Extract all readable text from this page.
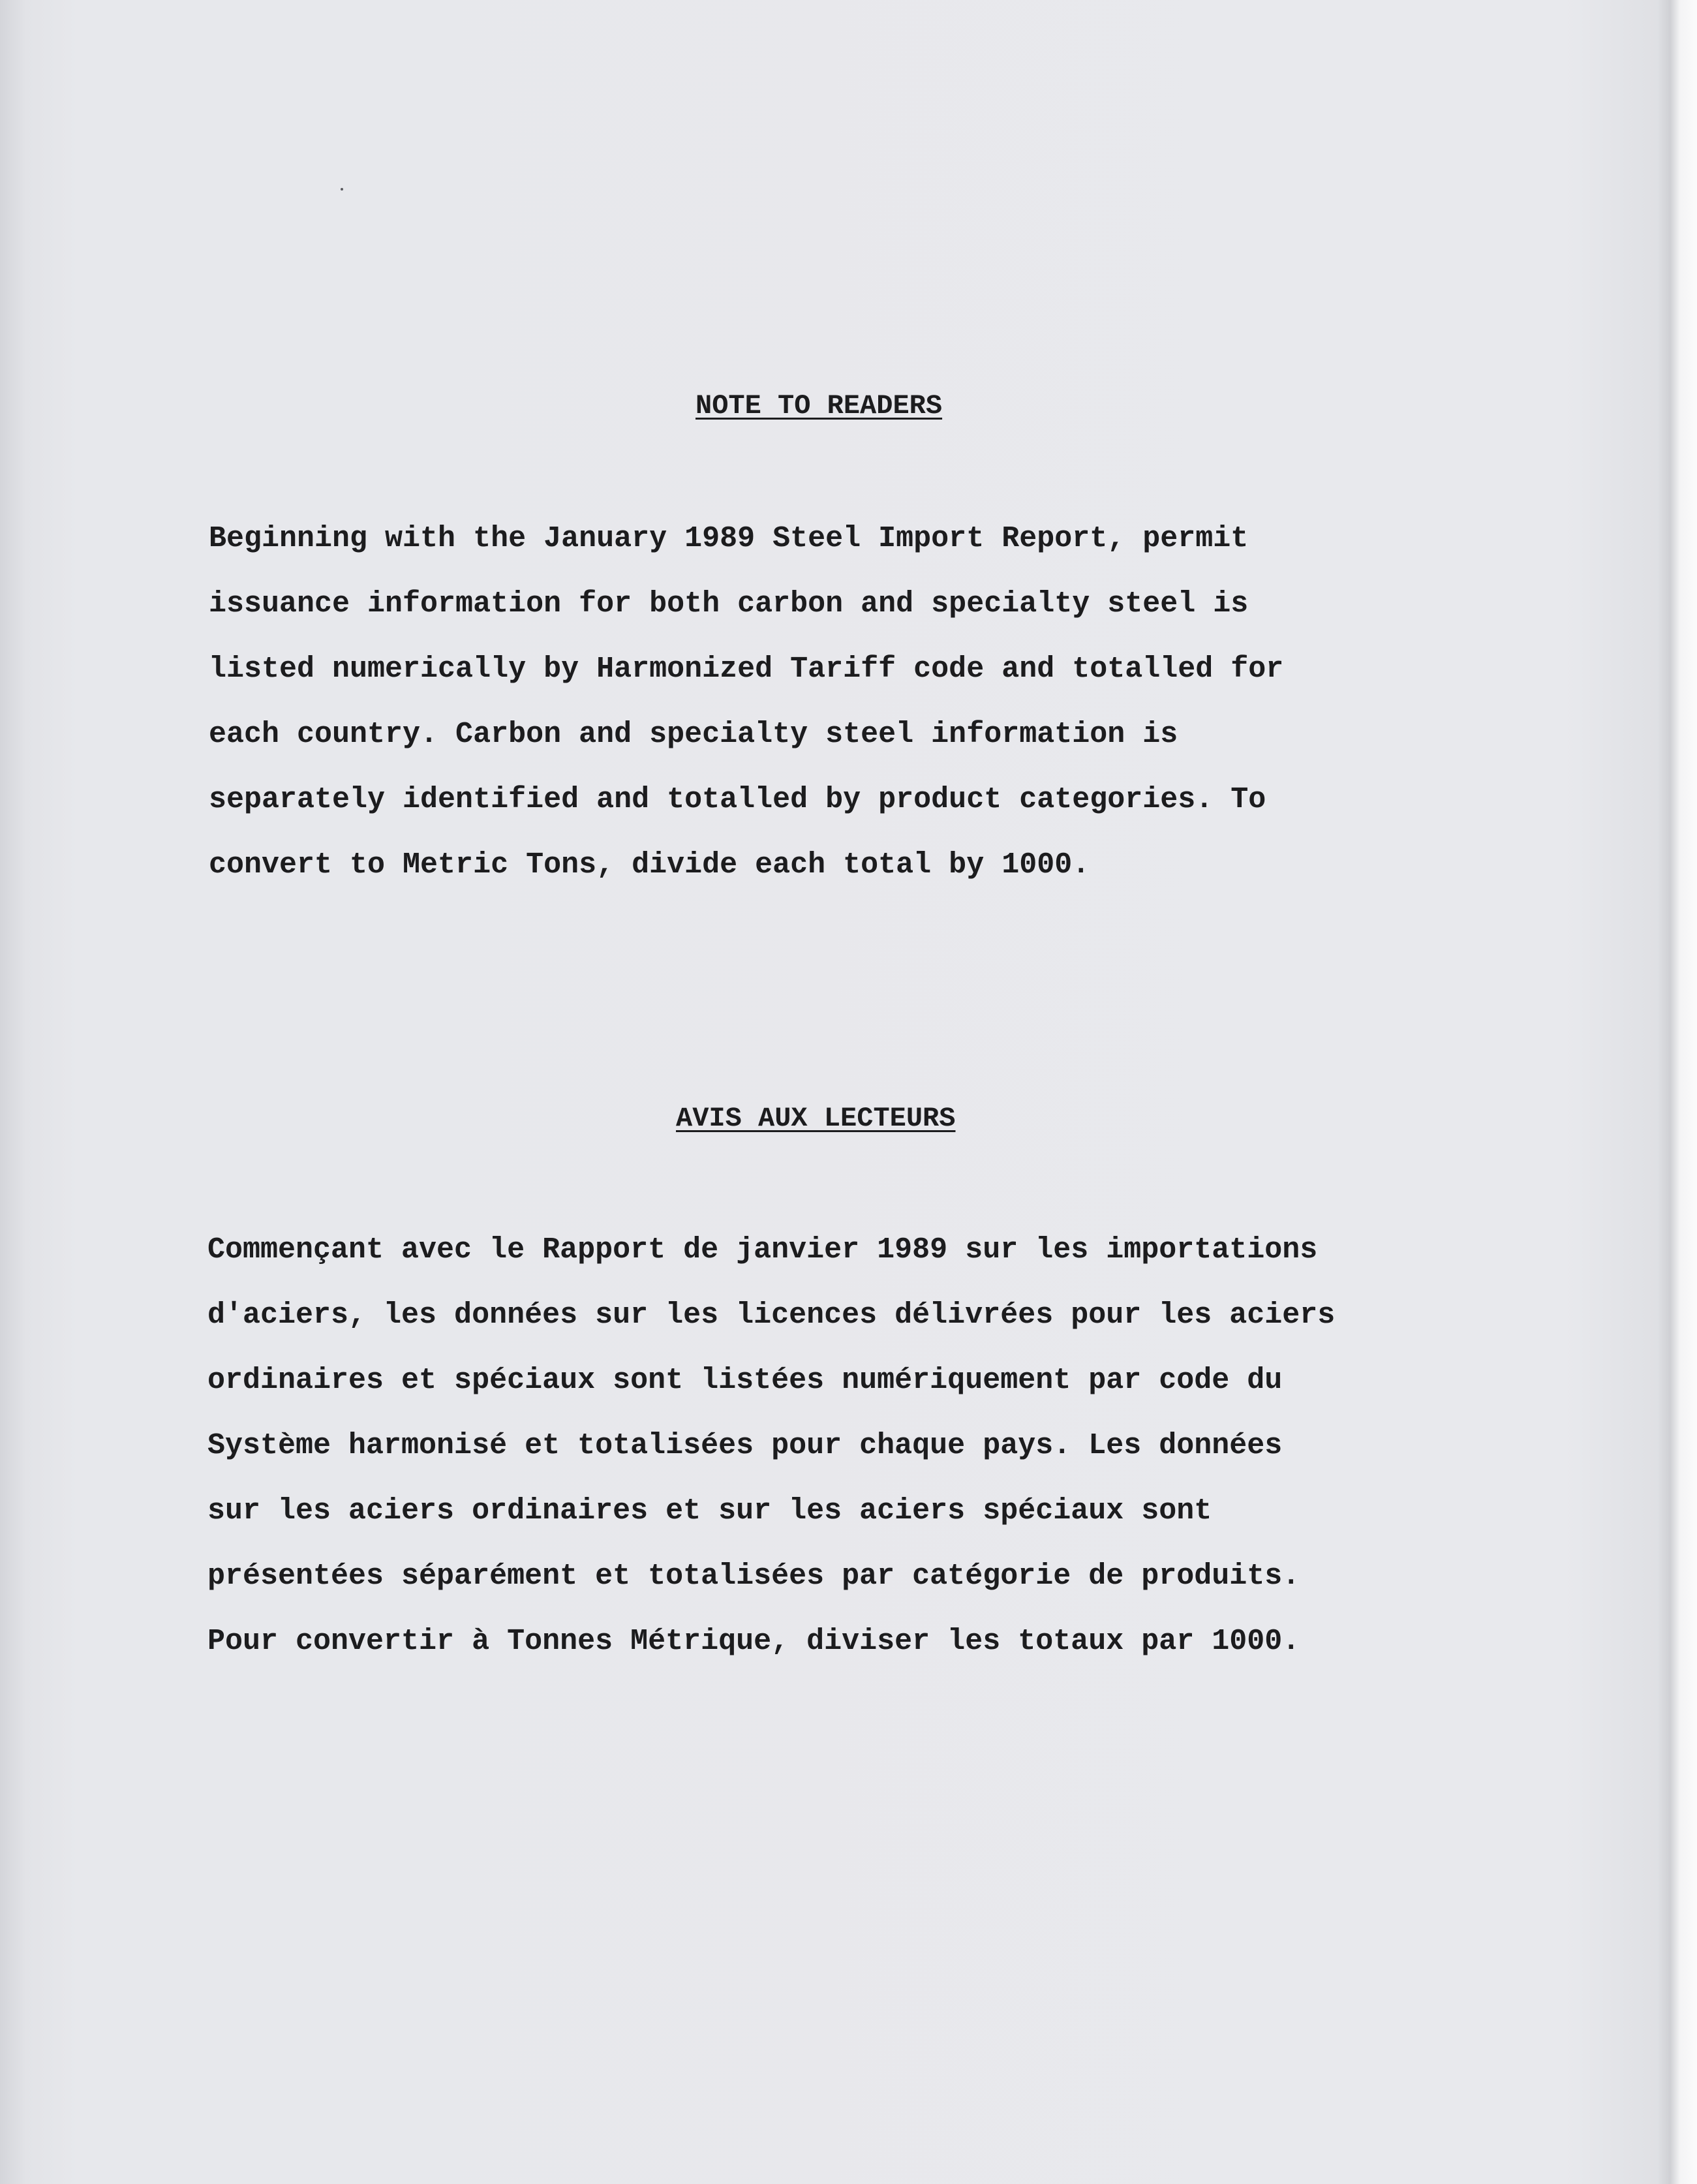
NOTE TO READERS
Beginning with the January 1989 Steel Import Report, permit
issuance information for both carbon and specialty steel is
listed numerically by Harmonized Tariff code and totalled for
each country. Carbon and specialty steel information is
separately identified and totalled by product categories. To
convert to Metric Tons, divide each total by 1000.
AVIS AUX LECTEURS
Commençant avec le Rapport de janvier 1989 sur les importations
d'aciers, les données sur les licences délivrées pour les aciers
ordinaires et spéciaux sont listées numériquement par code du
Système harmonisé et totalisées pour chaque pays. Les données
sur les aciers ordinaires et sur les aciers spéciaux sont
présentées séparément et totalisées par catégorie de produits.
Pour convertir à Tonnes Métrique, diviser les totaux par 1000.
